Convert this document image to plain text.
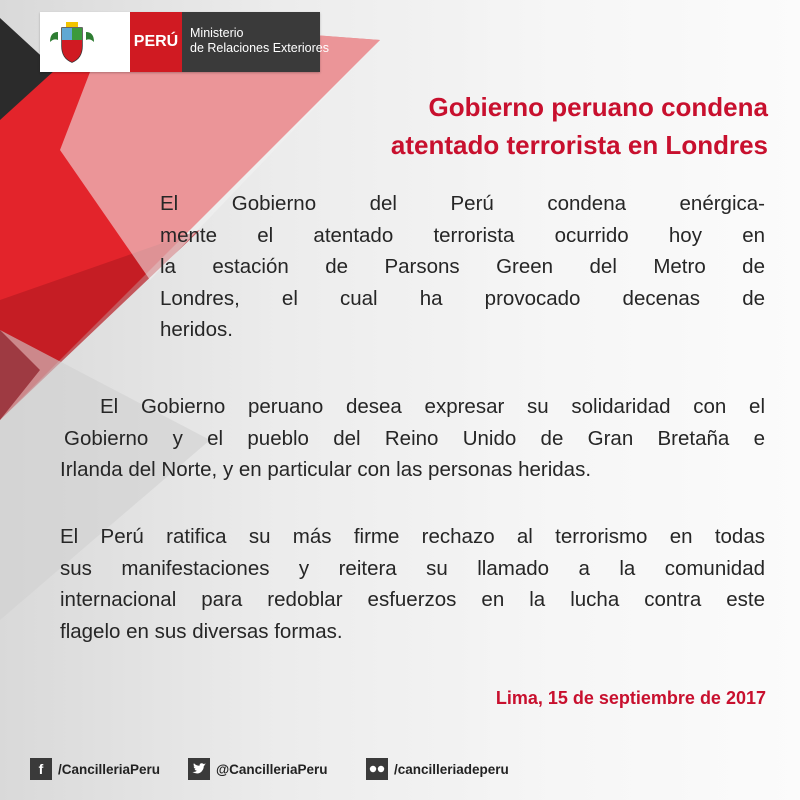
PERÚ Ministerio
de Relaciones Exteriores
Gobierno peruano condena
atentado terrorista en Londres
El Gobierno del Perú condena enérgica-
mente el atentado terrorista ocurrido hoy en
la estación de Parsons Green del Metro de
Londres, el cual ha provocado decenas de
heridos.
El Gobierno peruano desea expresar su solidaridad con el
Gobierno y el pueblo del Reino Unido de Gran Bretaña e
Irlanda del Norte, y en particular con las personas heridas.
El Perú ratifica su más firme rechazo al terrorismo en todas
sus manifestaciones y reitera su llamado a la comunidad
internacional para redoblar esfuerzos en la lucha contra este
flagelo en sus diversas formas.

Lima, 15 de septiembre de 2017

f	/CancilleriaPeru	@CancilleriaPeru	/cancilleriadeperu
